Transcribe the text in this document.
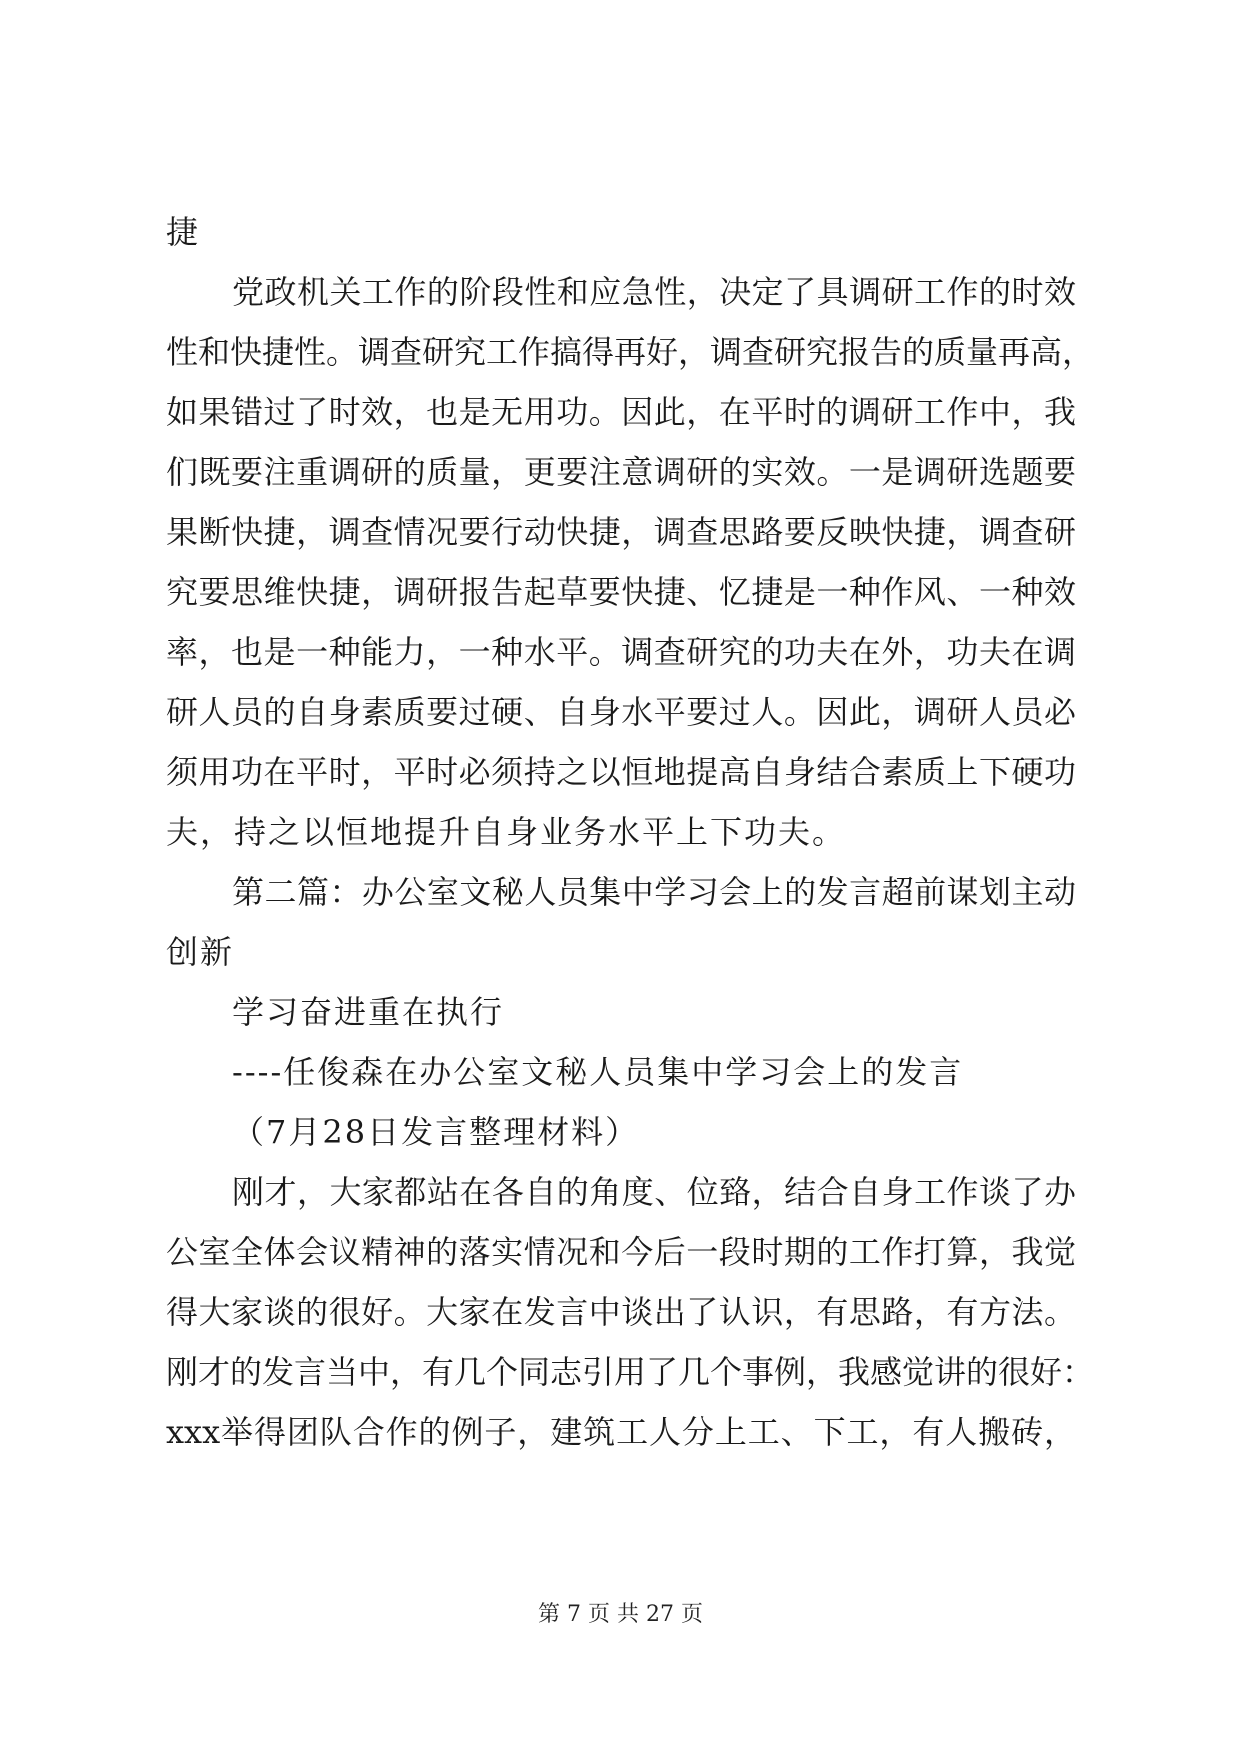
捷
党政机关工作的阶段性和应急性，决定了具调研工作的时效
性和快捷性。调查研究工作搞得再好，调查研究报告的质量再高，
如果错过了时效，也是无用功。因此，在平时的调研工作中，我
们既要注重调研的质量，更要注意调研的实效。一是调研选题要
果断快捷，调查情况要行动快捷，调查思路要反映快捷，调查研
究要思维快捷，调研报告起草要快捷、忆捷是一种作风、一种效
率，也是一种能力，一种水平。调查研究的功夫在外，功夫在调
研人员的自身素质要过硬、自身水平要过人。因此，调研人员必
须用功在平时，平时必须持之以恒地提高自身结合素质上下硬功
夫，持之以恒地提升自身业务水平上下功夫。
第二篇：办公室文秘人员集中学习会上的发言超前谋划主动
创新
学习奋进重在执行
----任俊森在办公室文秘人员集中学习会上的发言
（7月28日发言整理材料）
刚才，大家都站在各自的角度、位臵，结合自身工作谈了办
公室全体会议精神的落实情况和今后一段时期的工作打算，我觉
得大家谈的很好。大家在发言中谈出了认识，有思路，有方法。
刚才的发言当中，有几个同志引用了几个事例，我感觉讲的很好：
xxx举得团队合作的例子，建筑工人分上工、下工，有人搬砖，
第 7 页 共 27 页
